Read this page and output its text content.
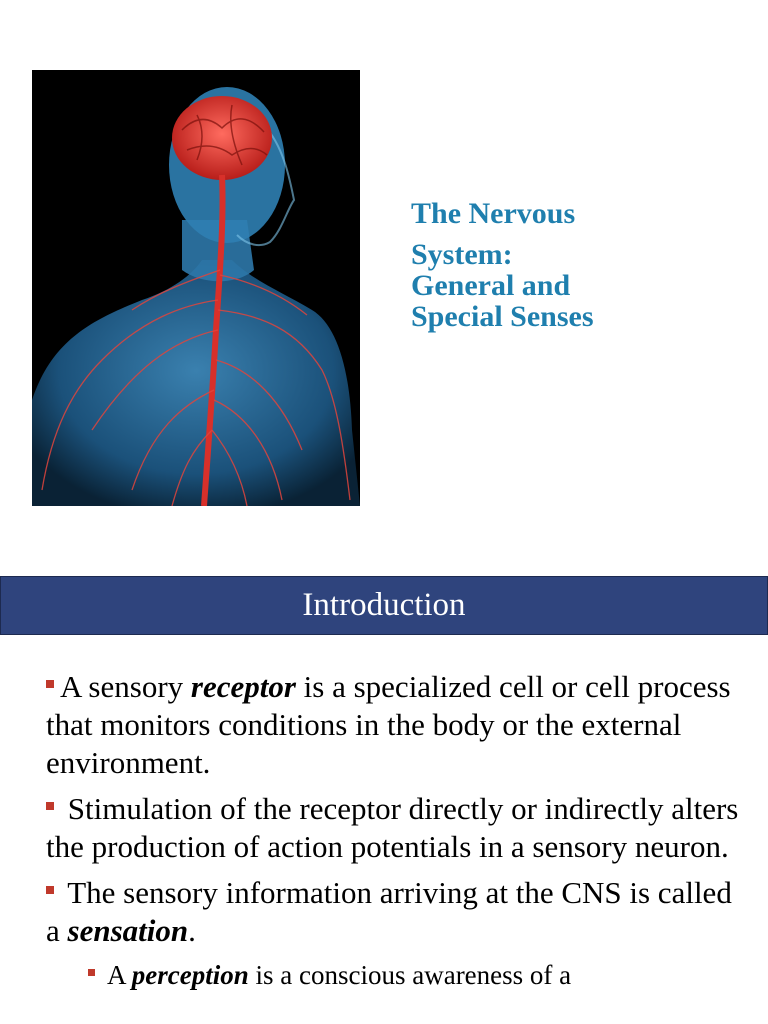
The Nervous
System:
General and
Special Senses
Introduction
A sensory receptor is a specialized cell or cell process that monitors conditions in the body or the external environment.
Stimulation of the receptor directly or indirectly alters the production of action potentials in a sensory neuron.
The sensory information arriving at the CNS is called a sensation.
A perception is a conscious awareness of a
